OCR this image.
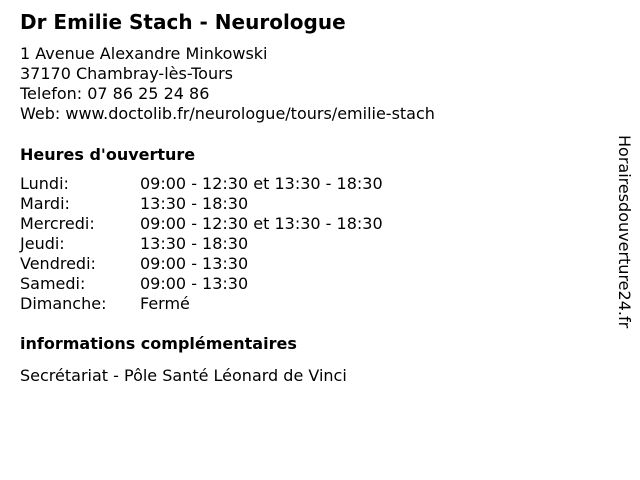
Dr Emilie Stach - Neurologue
1 Avenue Alexandre Minkowski
37170 Chambray-lès-Tours
Telefon: 07 86 25 24 86
Web: www.doctolib.fr/neurologue/tours/emilie-stach
Heures d'ouverture
Lundi:	09:00 - 12:30 et 13:30 - 18:30
Mardi:	13:30 - 18:30
Mercredi:	09:00 - 12:30 et 13:30 - 18:30
Jeudi:	13:30 - 18:30
Vendredi:	09:00 - 13:30
Samedi:	09:00 - 13:30
Dimanche:	Fermé
informations complémentaires
Secrétariat - Pôle Santé Léonard de Vinci
Horairesdouverture24.fr
